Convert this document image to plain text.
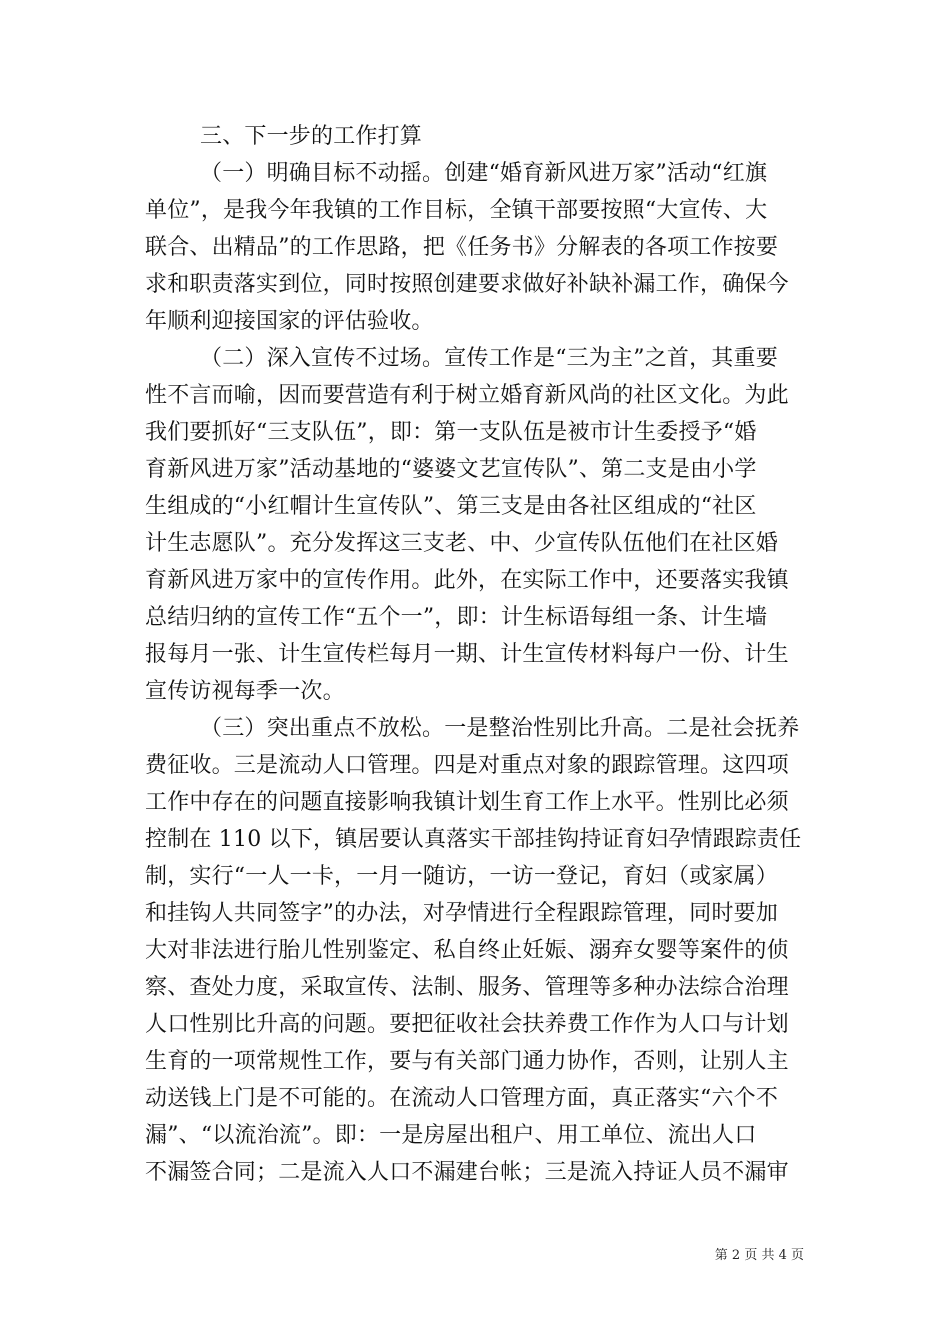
三、下一步的工作打算
（一）明确目标不动摇。创建“婚育新风进万家”活动“红旗
单位”，是我今年我镇的工作目标，全镇干部要按照“大宣传、大
联合、出精品”的工作思路，把《任务书》分解表的各项工作按要
求和职责落实到位，同时按照创建要求做好补缺补漏工作，确保今
年顺利迎接国家的评估验收。
（二）深入宣传不过场。宣传工作是“三为主”之首，其重要
性不言而喻，因而要营造有利于树立婚育新风尚的社区文化。为此
我们要抓好“三支队伍”，即：第一支队伍是被市计生委授予“婚
育新风进万家”活动基地的“婆婆文艺宣传队”、第二支是由小学
生组成的“小红帽计生宣传队”、第三支是由各社区组成的“社区
计生志愿队”。充分发挥这三支老、中、少宣传队伍他们在社区婚
育新风进万家中的宣传作用。此外，在实际工作中，还要落实我镇
总结归纳的宣传工作“五个一”，即：计生标语每组一条、计生墙
报每月一张、计生宣传栏每月一期、计生宣传材料每户一份、计生
宣传访视每季一次。
（三）突出重点不放松。一是整治性别比升高。二是社会抚养
费征收。三是流动人口管理。四是对重点对象的跟踪管理。这四项
工作中存在的问题直接影响我镇计划生育工作上水平。性别比必须
控制在 110 以下，镇居要认真落实干部挂钩持证育妇孕情跟踪责任
制，实行“一人一卡，一月一随访，一访一登记，育妇（或家属）
和挂钩人共同签字”的办法，对孕情进行全程跟踪管理，同时要加
大对非法进行胎儿性别鉴定、私自终止妊娠、溺弃女婴等案件的侦
察、查处力度，采取宣传、法制、服务、管理等多种办法综合治理
人口性别比升高的问题。要把征收社会扶养费工作作为人口与计划
生育的一项常规性工作，要与有关部门通力协作，否则，让别人主
动送钱上门是不可能的。在流动人口管理方面，真正落实“六个不
漏”、“以流治流”。即：一是房屋出租户、用工单位、流出人口
不漏签合同；二是流入人口不漏建台帐；三是流入持证人员不漏审
第 2 页 共 4 页
